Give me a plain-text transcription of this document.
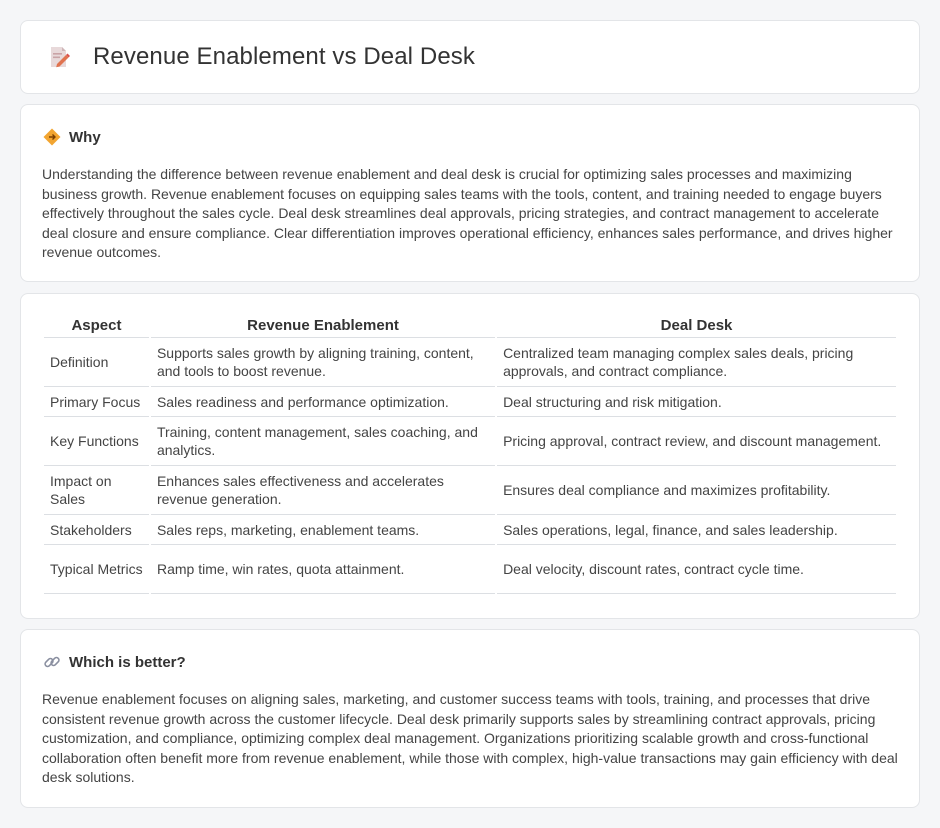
Revenue Enablement vs Deal Desk
Why

Understanding the difference between revenue enablement and deal desk is crucial for optimizing sales processes and maximizing business growth. Revenue enablement focuses on equipping sales teams with the tools, content, and training needed to engage buyers effectively throughout the sales cycle. Deal desk streamlines deal approvals, pricing strategies, and contract management to accelerate deal closure and ensure compliance. Clear differentiation improves operational efficiency, enhances sales performance, and drives higher revenue outcomes.

Aspect	Revenue Enablement	Deal Desk
Definition	Supports sales growth by aligning training, content, and tools to boost revenue.	Centralized team managing complex sales deals, pricing approvals, and contract compliance.
Primary Focus	Sales readiness and performance optimization.	Deal structuring and risk mitigation.
Key Functions	Training, content management, sales coaching, and analytics.	Pricing approval, contract review, and discount management.
Impact on Sales	Enhances sales effectiveness and accelerates revenue generation.	Ensures deal compliance and maximizes profitability.
Stakeholders	Sales reps, marketing, enablement teams.	Sales operations, legal, finance, and sales leadership.
Typical Metrics	Ramp time, win rates, quota attainment.	Deal velocity, discount rates, contract cycle time.
Which is better?

Revenue enablement focuses on aligning sales, marketing, and customer success teams with tools, training, and processes that drive consistent revenue growth across the customer lifecycle. Deal desk primarily supports sales by streamlining contract approvals, pricing customization, and compliance, optimizing complex deal management. Organizations prioritizing scalable growth and cross-functional collaboration often benefit more from revenue enablement, while those with complex, high-value transactions may gain efficiency with deal desk solutions.
